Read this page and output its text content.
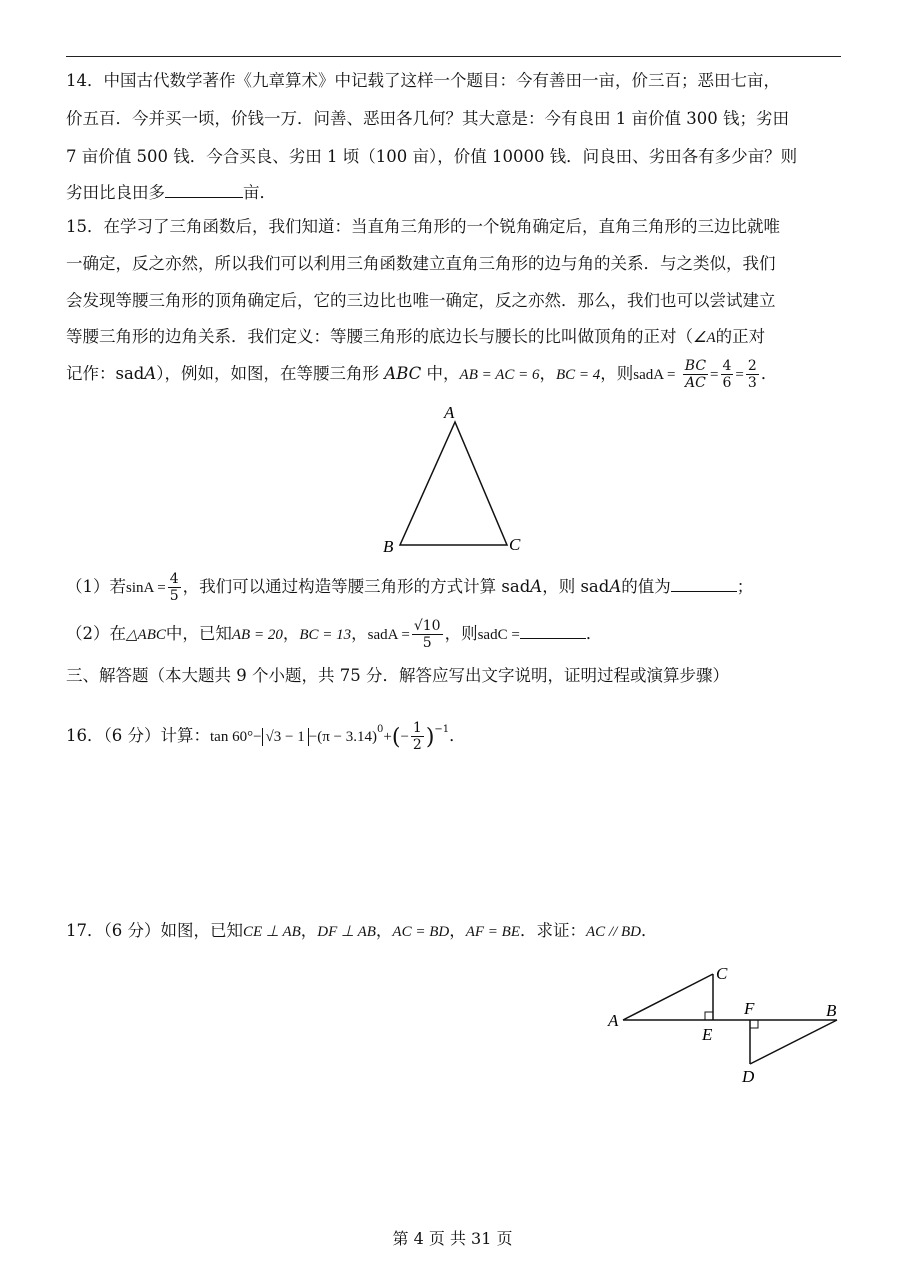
14．中国古代数学著作《九章算术》中记载了这样一个题目：今有善田一亩，价三百；恶田七亩，
价五百．今并买一顷，价钱一万．问善、恶田各几何？其大意是：今有良田 1 亩价值 300 钱；劣田
7 亩价值 500 钱．今合买良、劣田 1 顷（100 亩），价值 10000 钱．问良田、劣田各有多少亩？则
劣田比良田多	亩．
15．在学习了三角函数后，我们知道：当直角三角形的一个锐角确定后，直角三角形的三边比就唯
一确定，反之亦然，所以我们可以利用三角函数建立直角三角形的边与角的关系．与之类似，我们
会发现等腰三角形的顶角确定后，它的三边比也唯一确定，反之亦然．那么，我们也可以尝试建立
等腰三角形的边角关系．我们定义：等腰三角形的底边长与腰长的比叫做顶角的正对（∠A的正对
记作：sadA），例如，如图，在等腰三角形 ABC 中，AB = AC = 6，BC = 4，则sadA = $\frac{BC}{AC} = \frac{4}{6} = \frac{2}{3}$ ．
A
B	C
（1）若$\sin A = \frac{4}{5}$ ，我们可以通过构造等腰三角形的方式计算 sadA，则 sadA的值为	；
（2）在△ABC中，已知AB = 20，BC = 13，sadA = $\frac{√10}{5}$ ，则sadC =	．
三、解答题（本大题共 9 个小题，共 75 分．解答应写出文字说明，证明过程或演算步骤）
16．（6 分）计算：$\tan 60^\circ- √3 - 1 -(\pi - 3.14)^0+(- \frac{1}{2} )^{-1}$．
17．（6 分）如图，已知CE ⊥ AB，DF ⊥ AB，AC = BD，AF = BE．求证：AC // BD．
A
B
C
D
E
F
第 4 页 共 31 页
